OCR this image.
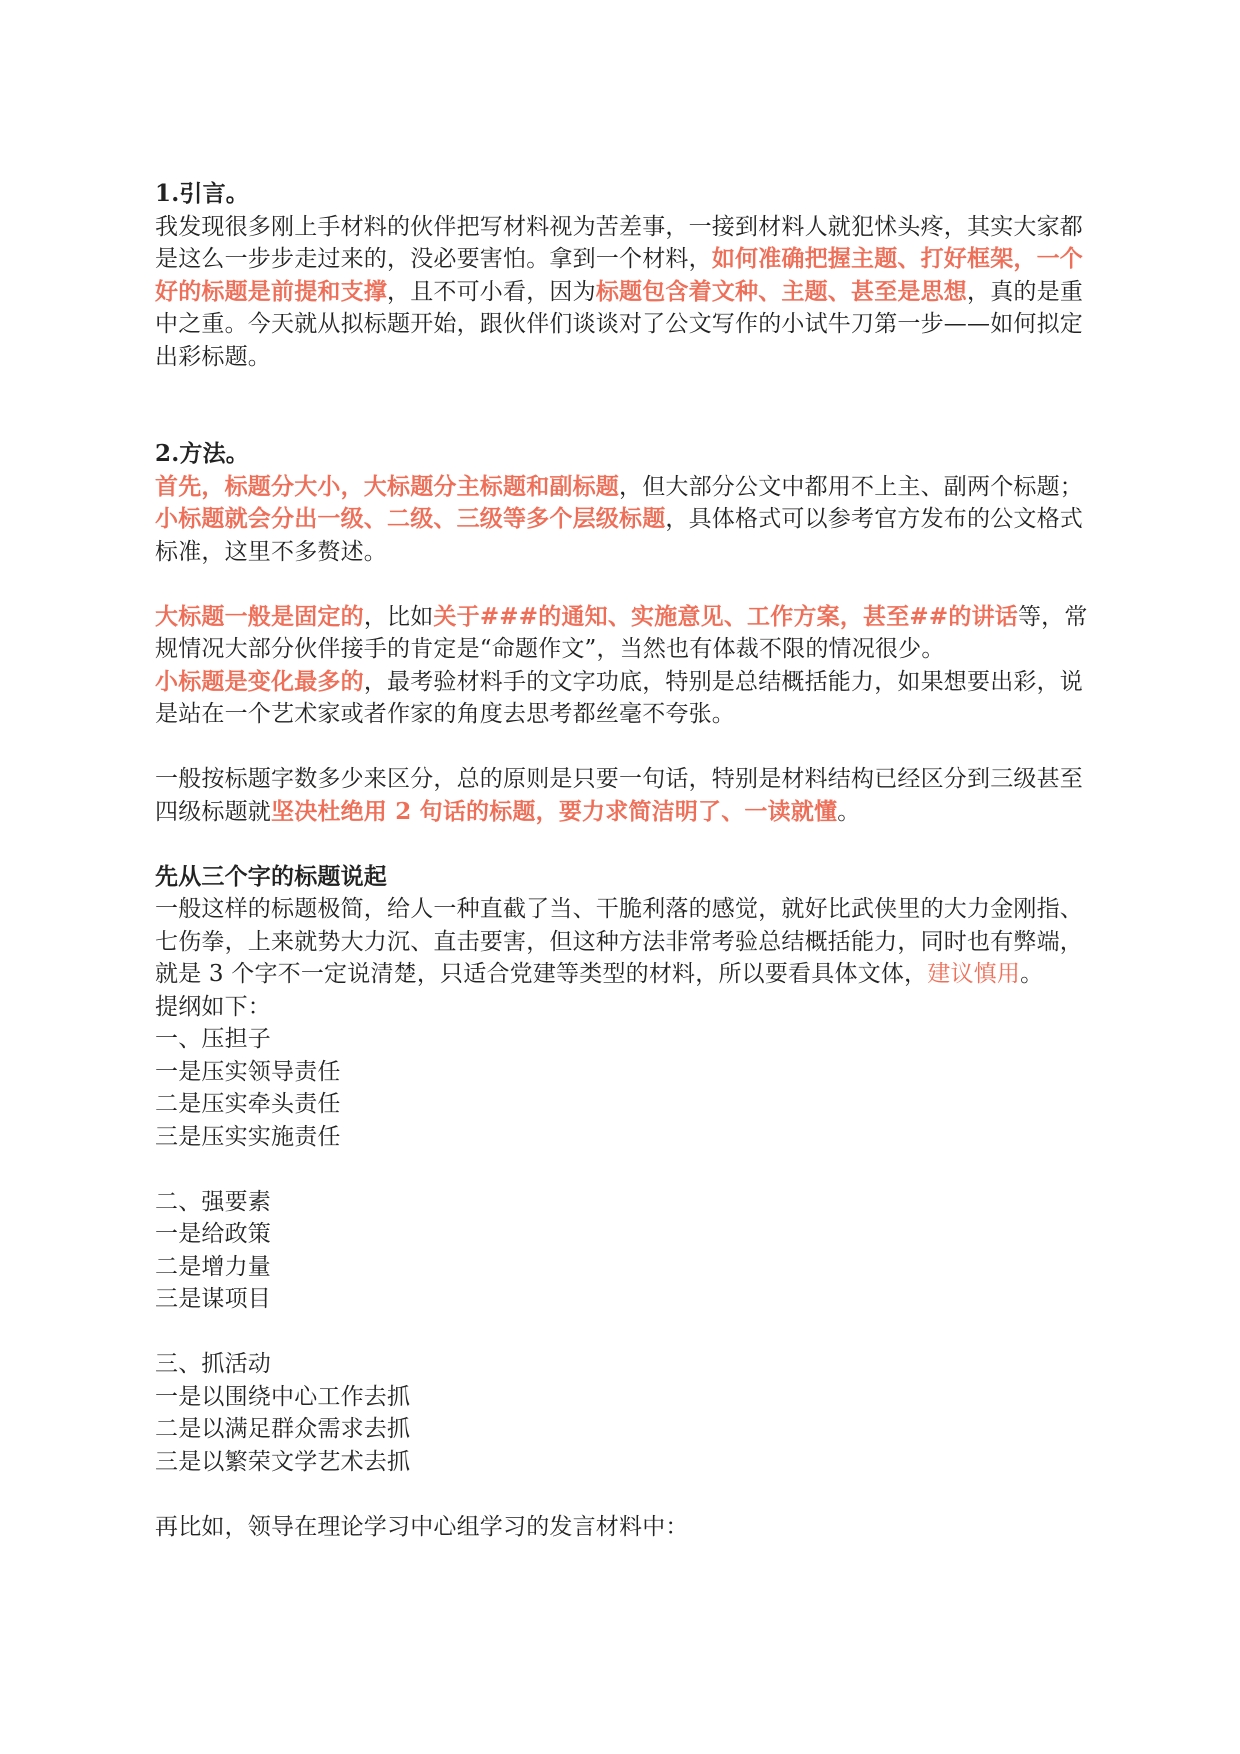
1.引言。

我发现很多刚上手材料的伙伴把写材料视为苦差事，一接到材料人就犯怵头疼，其实大家都是这么一步步走过来的，没必要害怕。拿到一个材料，如何准确把握主题、打好框架，一个好的标题是前提和支撑，且不可小看，因为标题包含着文种、主题、甚至是思想，真的是重中之重。今天就从拟标题开始，跟伙伴们谈谈对了公文写作的小试牛刀第一步——如何拟定出彩标题。

2.方法。

首先，标题分大小，大标题分主标题和副标题，但大部分公文中都用不上主、副两个标题；小标题就会分出一级、二级、三级等多个层级标题，具体格式可以参考官方发布的公文格式标准，这里不多赘述。

大标题一般是固定的，比如关于###的通知、实施意见、工作方案，甚至##的讲话等，常规情况大部分伙伴接手的肯定是“命题作文”，当然也有体裁不限的情况很少。

小标题是变化最多的，最考验材料手的文字功底，特别是总结概括能力，如果想要出彩，说是站在一个艺术家或者作家的角度去思考都丝毫不夸张。

一般按标题字数多少来区分，总的原则是只要一句话，特别是材料结构已经区分到三级甚至四级标题就坚决杜绝用 2 句话的标题，要力求简洁明了、一读就懂。

先从三个字的标题说起

一般这样的标题极简，给人一种直截了当、干脆利落的感觉，就好比武侠里的大力金刚指、七伤拳，上来就势大力沉、直击要害，但这种方法非常考验总结概括能力，同时也有弊端，就是 3 个字不一定说清楚，只适合党建等类型的材料，所以要看具体文体，建议慎用。

提纲如下：

一、压担子

一是压实领导责任

二是压实牵头责任

三是压实实施责任

二、强要素

一是给政策

二是增力量

三是谋项目

三、抓活动

一是以围绕中心工作去抓

二是以满足群众需求去抓

三是以繁荣文学艺术去抓

再比如，领导在理论学习中心组学习的发言材料中：
